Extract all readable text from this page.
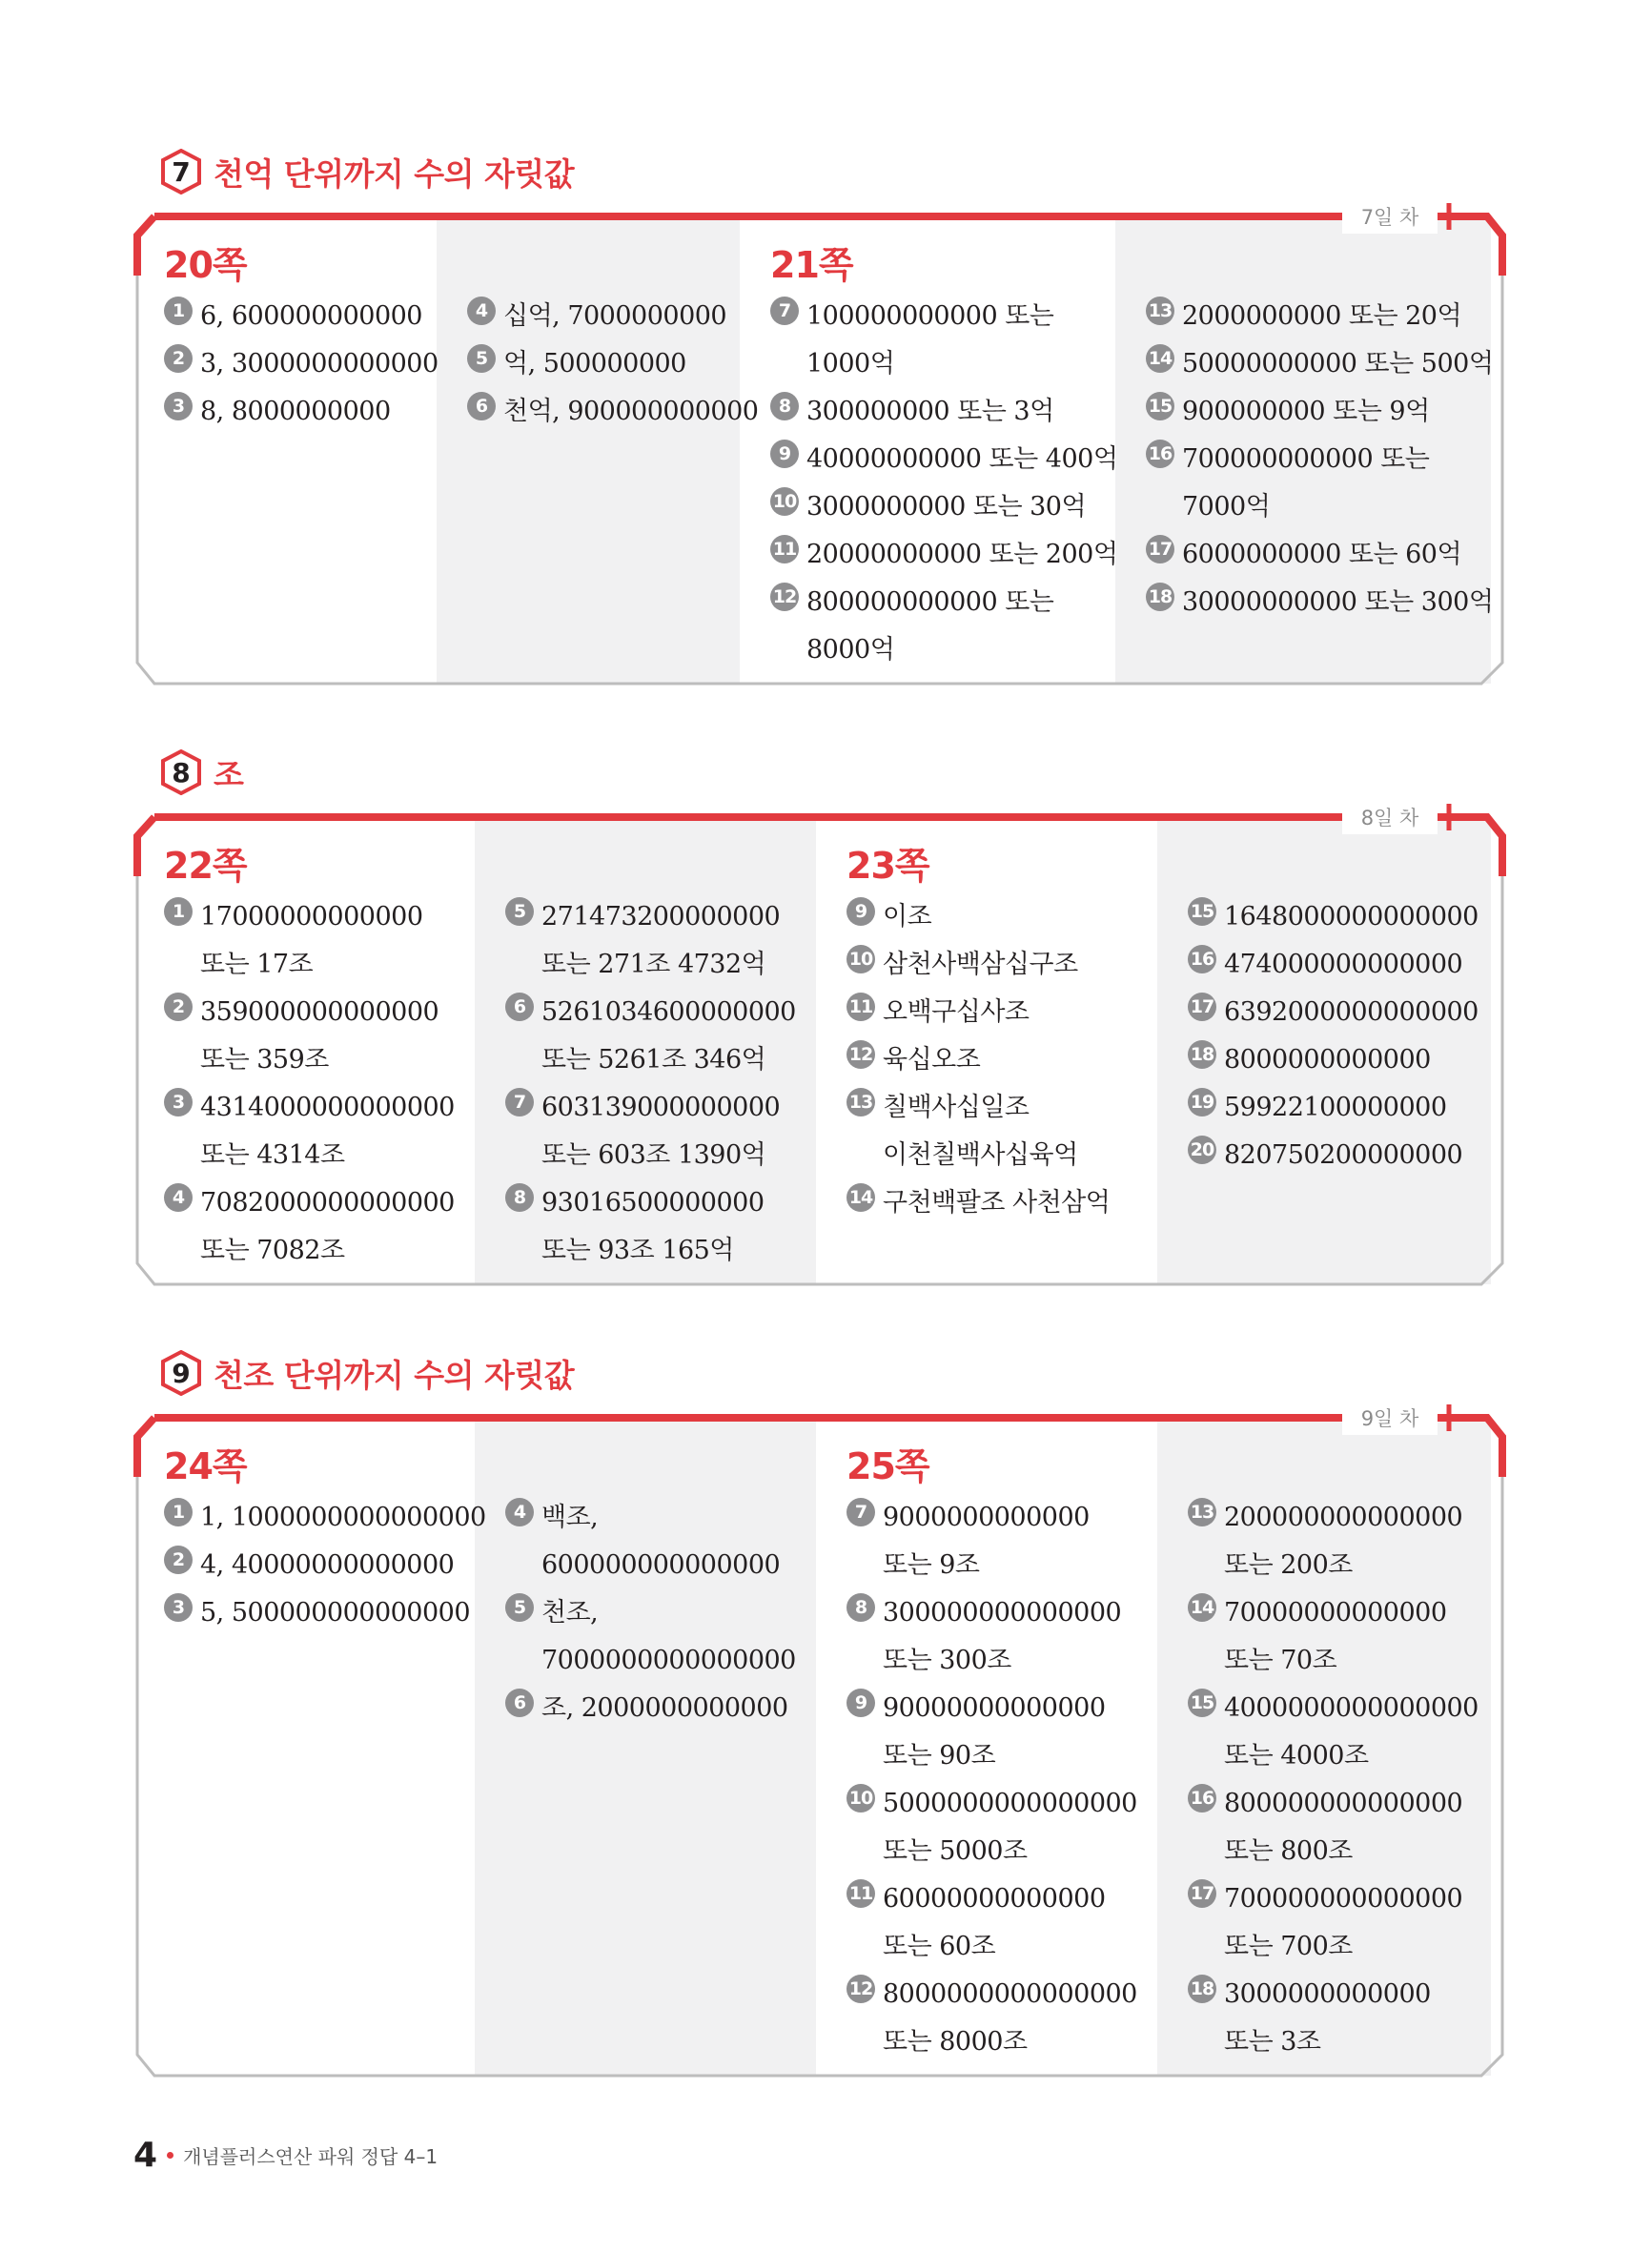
7 천억 단위까지 수의 자릿값
7일 차
20쪽	21쪽
1 6, 600000000000
2 3, 3000000000000
3 8, 8000000000
4 십억, 7000000000
5 억, 500000000
6 천억, 900000000000
7 100000000000 또는
1000억
8 300000000 또는 3억
9 40000000000 또는 400억
10 3000000000 또는 30억
11 20000000000 또는 200억
12 800000000000 또는
8000억
13 2000000000 또는 20억
14 50000000000 또는 500억
15 900000000 또는 9억
16 700000000000 또는
7000억
17 6000000000 또는 60억
18 30000000000 또는 300억
8 조
8일 차
22쪽	23쪽
1 17000000000000
또는 17조
2 359000000000000
또는 359조
3 4314000000000000
또는 4314조
4 7082000000000000
또는 7082조
5 271473200000000
또는 271조 4732억
6 5261034600000000
또는 5261조 346억
7 603139000000000
또는 603조 1390억
8 93016500000000
또는 93조 165억
9 이조
10 삼천사백삼십구조
11 오백구십사조
12 육십오조
13 칠백사십일조
이천칠백사십육억
14 구천백팔조 사천삼억
15 1648000000000000
16 474000000000000
17 6392000000000000
18 8000000000000
19 59922100000000
20 820750200000000
9 천조 단위까지 수의 자릿값
9일 차
24쪽	25쪽
1 1, 1000000000000000
2 4, 40000000000000
3 5, 500000000000000
4 백조,
600000000000000
5 천조,
7000000000000000
6 조, 2000000000000
7 9000000000000
또는 9조
8 300000000000000
또는 300조
9 90000000000000
또는 90조
10 5000000000000000
또는 5000조
11 60000000000000
또는 60조
12 8000000000000000
또는 8000조
13 200000000000000
또는 200조
14 70000000000000
또는 70조
15 4000000000000000
또는 4000조
16 800000000000000
또는 800조
17 700000000000000
또는 700조
18 3000000000000
또는 3조
4 개념플러스연산 파워 정답 4–1
